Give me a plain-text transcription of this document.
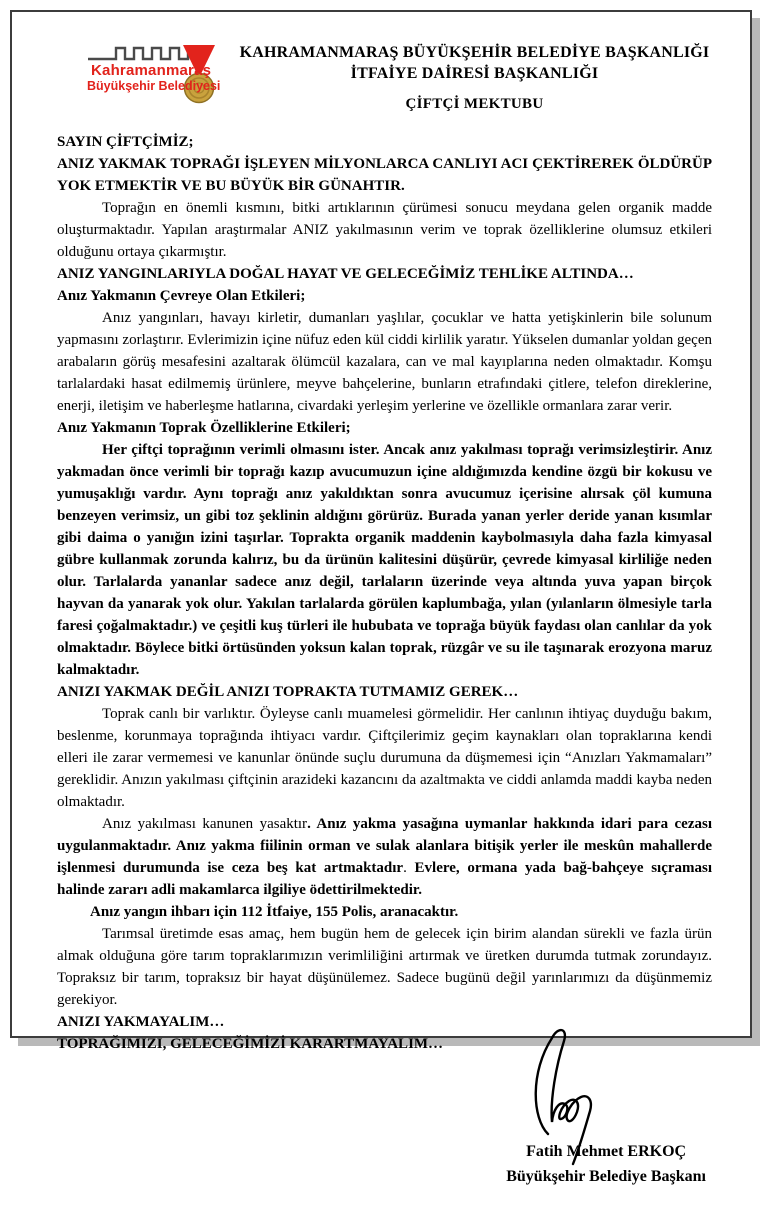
Kahramanmaraş
Büyükşehir Belediyesi
KAHRAMANMARAŞ BÜYÜKŞEHİR BELEDİYE BAŞKANLIĞI
İTFAİYE DAİRESİ BAŞKANLIĞI
ÇİFTÇİ MEKTUBU

SAYIN ÇİFTÇİMİZ;

ANIZ YAKMAK TOPRAĞI İŞLEYEN MİLYONLARCA CANLIYI ACI ÇEKTİREREK ÖLDÜRÜP YOK ETMEKTİR VE BU BÜYÜK BİR GÜNAHTIR.

Toprağın en önemli kısmını, bitki artıklarının çürümesi sonucu meydana gelen organik madde oluşturmaktadır. Yapılan araştırmalar ANIZ yakılmasının verim ve toprak özelliklerine olumsuz etkileri olduğunu ortaya çıkarmıştır.

ANIZ YANGINLARIYLA DOĞAL HAYAT VE GELECEĞİMİZ TEHLİKE ALTINDA…

Anız Yakmanın Çevreye Olan Etkileri;

Anız yangınları, havayı kirletir, dumanları yaşlılar, çocuklar ve hatta yetişkinlerin bile solunum yapmasını zorlaştırır. Evlerimizin içine nüfuz eden kül ciddi kirlilik yaratır. Yükselen dumanlar yoldan geçen arabaların görüş mesafesini azaltarak ölümcül kazalara, can ve mal kayıplarına neden olmaktadır. Komşu tarlalardaki hasat edilmemiş ürünlere, meyve bahçelerine, bunların etrafındaki çitlere, telefon direklerine, enerji, iletişim ve haberleşme hatlarına, civardaki yerleşim yerlerine ve özellikle ormanlara zarar verir.

Anız Yakmanın Toprak Özelliklerine Etkileri;

Her çiftçi toprağının verimli olmasını ister. Ancak anız yakılması toprağı verimsizleştirir. Anız yakmadan önce verimli bir toprağı kazıp avucumuzun içine aldığımızda kendine özgü bir kokusu ve yumuşaklığı vardır. Aynı toprağı anız yakıldıktan sonra avucumuz içerisine alırsak çöl kumuna benzeyen verimsiz, un gibi toz şeklinin aldığını görürüz. Burada yanan yerler deride yanan kısımlar gibi daima o yanığın izini taşırlar. Toprakta organik maddenin kaybolmasıyla daha fazla kimyasal gübre kullanmak zorunda kalırız, bu da ürünün kalitesini düşürür, çevrede kimyasal kirliliğe neden olur. Tarlalarda yananlar sadece anız değil, tarlaların üzerinde veya altında yuva yapan birçok hayvan da yanarak yok olur. Yakılan tarlalarda görülen kaplumbağa, yılan (yılanların ölmesiyle tarla faresi çoğalmaktadır.) ve çeşitli kuş türleri ile hububata ve toprağa büyük faydası olan canlılar da yok olmaktadır. Böylece bitki örtüsünden yoksun kalan toprak, rüzgâr ve su ile taşınarak erozyona maruz kalmaktadır.

ANIZI YAKMAK DEĞİL ANIZI TOPRAKTA TUTMAMIZ GEREK…

Toprak canlı bir varlıktır. Öyleyse canlı muamelesi görmelidir. Her canlının ihtiyaç duyduğu bakım, beslenme, korunmaya toprağında ihtiyacı vardır. Çiftçilerimiz geçim kaynakları olan topraklarına kendi elleri ile zarar vermemesi ve kanunlar önünde suçlu durumuna da düşmemesi için “Anızları Yakmamaları” gereklidir. Anızın yakılması çiftçinin arazideki kazancını da azaltmakta ve ciddi anlamda maddi kayba neden olmaktadır.

Anız yakılması kanunen yasaktır. Anız yakma yasağına uymanlar hakkında idari para cezası uygulanmaktadır. Anız yakma fiilinin orman ve sulak alanlara bitişik yerler ile meskûn mahallerde işlenmesi durumunda ise ceza beş kat artmaktadır. Evlere, ormana yada bağ-bahçeye sıçraması halinde zararı adli makamlarca ilgiliye ödettirilmektedir.

Anız yangın ihbarı için 112 İtfaiye, 155 Polis, aranacaktır.

Tarımsal üretimde esas amaç, hem bugün hem de gelecek için birim alandan sürekli ve fazla ürün almak olduğuna göre tarım topraklarımızın verimliliğini artırmak ve üretken durumda tutmak zorundayız. Topraksız bir tarım, topraksız bir hayat düşünülemez. Sadece bugünü değil yarınlarımızı da düşünmemiz gerekiyor.

ANIZI YAKMAYALIM…

TOPRAĞIMIZI, GELECEĞİMİZİ KARARTMAYALIM…

Fatih Mehmet ERKOÇ
Büyükşehir Belediye Başkanı
